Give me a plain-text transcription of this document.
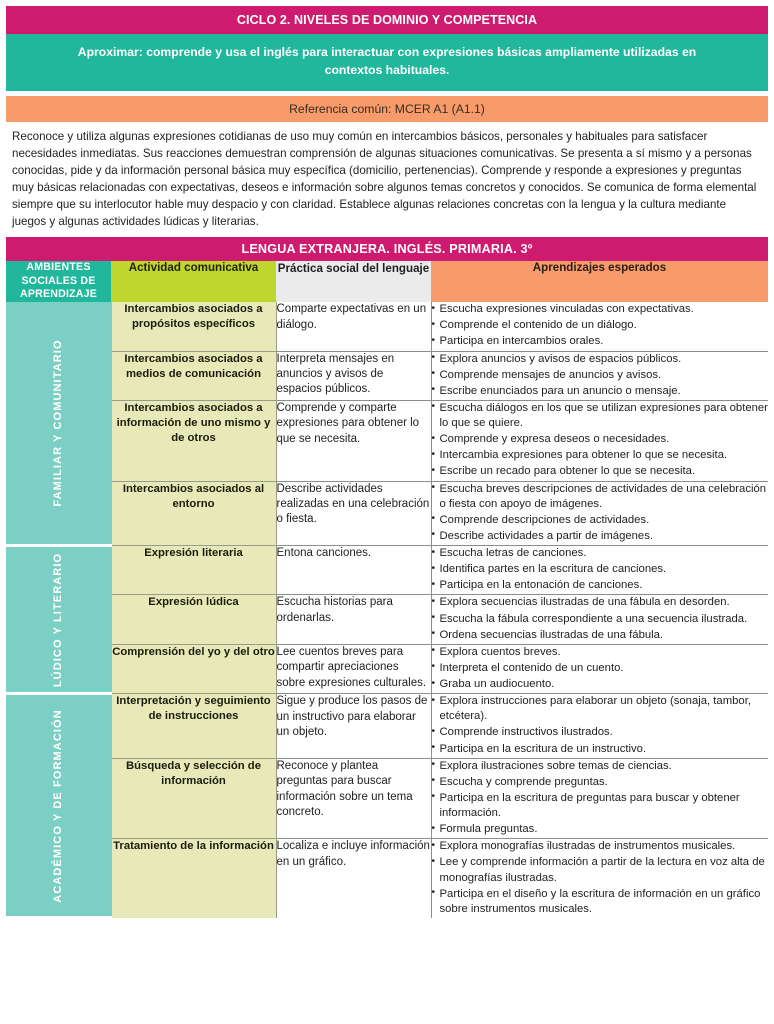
CICLO 2. NIVELES DE DOMINIO Y COMPETENCIA
Aproximar: comprende y usa el inglés para interactuar con expresiones básicas ampliamente utilizadas en contextos habituales.
Referencia común: MCER A1 (A1.1)
Reconoce y utiliza algunas expresiones cotidianas de uso muy común en intercambios básicos, personales y habituales para satisfacer necesidades inmediatas. Sus reacciones demuestran comprensión de algunas situaciones comunicativas. Se presenta a sí mismo y a personas conocidas, pide y da información personal básica muy específica (domicilio, pertenencias). Comprende y responde a expresiones y preguntas muy básicas relacionadas con expectativas, deseos e información sobre algunos temas concretos y conocidos. Se comunica de forma elemental siempre que su interlocutor hable muy despacio y con claridad. Establece algunas relaciones concretas con la lengua y la cultura mediante juegos y algunas actividades lúdicas y literarias.
LENGUA EXTRANJERA. INGLÉS. PRIMARIA. 3º
AMBIENTES SOCIALES DE APRENDIZAJE	Actividad comunicativa	Práctica social del lenguaje	Aprendizajes esperados

FAMILIAR Y COMUNITARIO
	Intercambios asociados a propósitos específicos	Comparte expectativas en un diálogo.	
• Escucha expresiones vinculadas con expectativas.
• Comprende el contenido de un diálogo.
• Participa en intercambios orales.

Intercambios asociados a medios de comunicación	Interpreta mensajes en anuncios y avisos de espacios públicos.	
• Explora anuncios y avisos de espacios públicos.
• Comprende mensajes de anuncios y avisos.
• Escribe enunciados para un anuncio o mensaje.

Intercambios asociados a información de uno mismo y de otros	Comprende y comparte expresiones para obtener lo que se necesita.	
• Escucha diálogos en los que se utilizan expresiones para obtener lo que se quiere.
• Comprende y expresa deseos o necesidades.
• Intercambia expresiones para obtener lo que se necesita.
• Escribe un recado para obtener lo que se necesita.

Intercambios asociados al entorno	Describe actividades realizadas en una celebración o fiesta.	
• Escucha breves descripciones de actividades de una celebración o fiesta con apoyo de imágenes.
• Comprende descripciones de actividades.
• Describe actividades a partir de imágenes.

LÚDICO Y LITERARIO	Expresión literaria	Entona canciones.	
•Escucha letras de canciones.
• Identifica partes en la escritura de canciones.
• Participa en la entonación de canciones.

Expresión lúdica	Escucha historias para ordenarlas.	
• Explora secuencias ilustradas de una fábula en desorden.
• Escucha la fábula correspondiente a una secuencia ilustrada.
• Ordena secuencias ilustradas de una fábula.

Comprensión del yo y del otro	Lee cuentos breves para compartir apreciaciones sobre expresiones culturales.	
• Explora cuentos breves.
• Interpreta el contenido de un cuento.
• Graba un audiocuento.

ACADÉMICO Y DE FORMACIÓN
	Interpretación y seguimiento de instrucciones	Sigue y produce los pasos de un instructivo para elaborar un objeto.	
• Explora instrucciones para elaborar un objeto (sonaja, tambor, etcétera).
• Comprende instructivos ilustrados.
• Participa en la escritura de un instructivo.

Búsqueda y selección de información	Reconoce y plantea preguntas para buscar información sobre un tema concreto.	
• Explora ilustraciones sobre temas de ciencias.
• Escucha y comprende preguntas.
• Participa en la escritura de preguntas para buscar y obtener información.
• Formula preguntas.

Tratamiento de la información	Localiza e incluye información en un gráfico.	
• Explora monografías ilustradas de instrumentos musicales.
• Lee y comprende información a partir de la lectura en voz alta de monografías ilustradas.
• Participa en el diseño y la escritura de información en un gráfico sobre instrumentos musicales.
